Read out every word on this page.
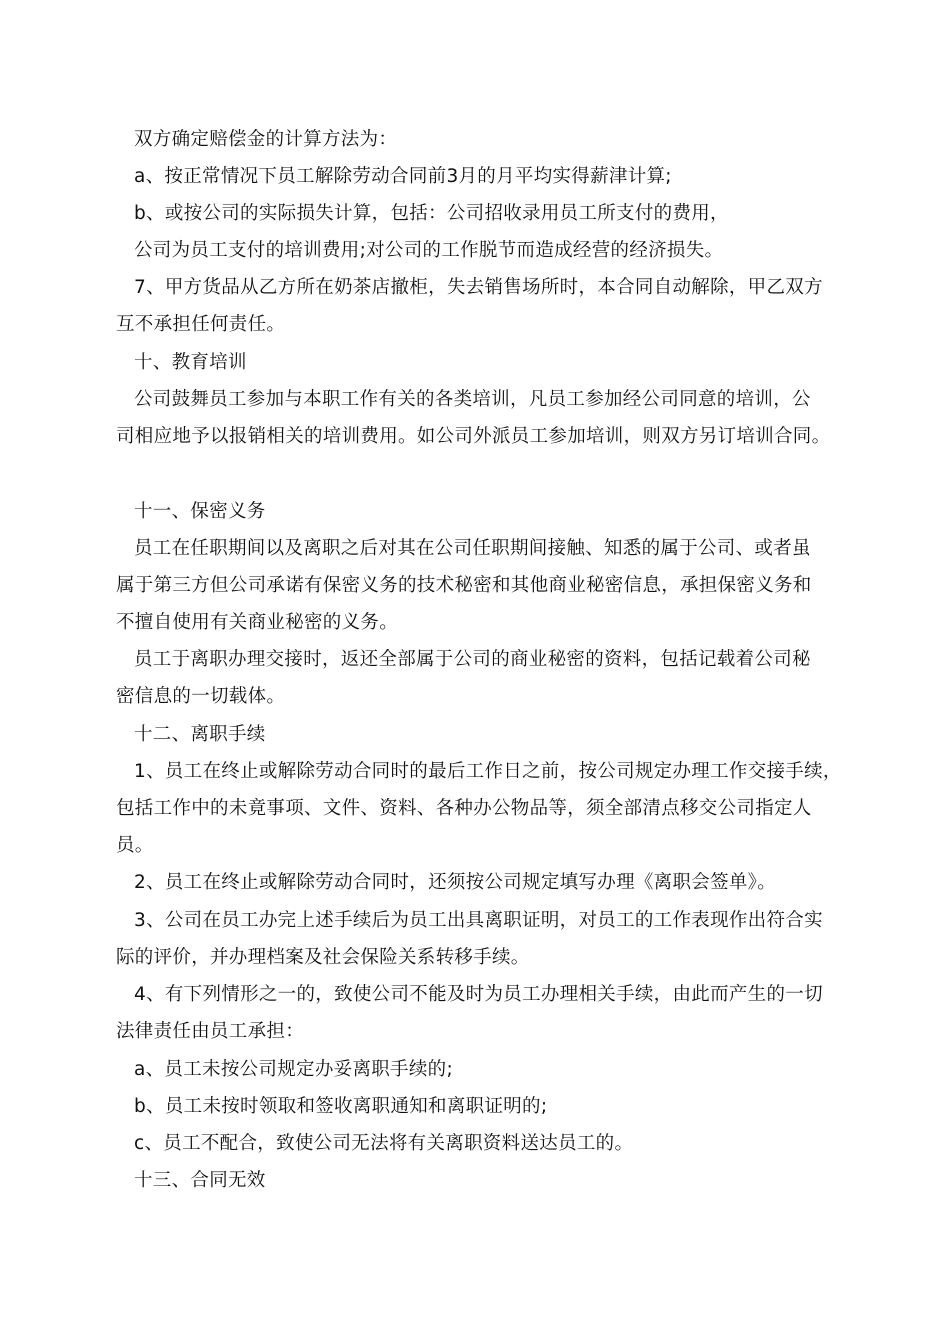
双方确定赔偿金的计算方法为：
a、按正常情况下员工解除劳动合同前3月的月平均实得薪津计算;
b、或按公司的实际损失计算，包括：公司招收录用员工所支付的费用，
公司为员工支付的培训费用;对公司的工作脱节而造成经营的经济损失。
7、甲方货品从乙方所在奶茶店撤柜，失去销售场所时，本合同自动解除，甲乙双方
互不承担任何责任。
十、教育培训
公司鼓舞员工参加与本职工作有关的各类培训，凡员工参加经公司同意的培训，公
司相应地予以报销相关的培训费用。如公司外派员工参加培训，则双方另订培训合同。
十一、保密义务
员工在任职期间以及离职之后对其在公司任职期间接触、知悉的属于公司、或者虽
属于第三方但公司承诺有保密义务的技术秘密和其他商业秘密信息，承担保密义务和
不擅自使用有关商业秘密的义务。
员工于离职办理交接时，返还全部属于公司的商业秘密的资料，包括记载着公司秘
密信息的一切载体。
十二、离职手续
1、员工在终止或解除劳动合同时的最后工作日之前，按公司规定办理工作交接手续，
包括工作中的未竟事项、文件、资料、各种办公物品等，须全部清点移交公司指定人
员。
2、员工在终止或解除劳动合同时，还须按公司规定填写办理《离职会签单》。
3、公司在员工办完上述手续后为员工出具离职证明，对员工的工作表现作出符合实
际的评价，并办理档案及社会保险关系转移手续。
4、有下列情形之一的，致使公司不能及时为员工办理相关手续，由此而产生的一切
法律责任由员工承担：
a、员工未按公司规定办妥离职手续的;
b、员工未按时领取和签收离职通知和离职证明的;
c、员工不配合，致使公司无法将有关离职资料送达员工的。
十三、合同无效
